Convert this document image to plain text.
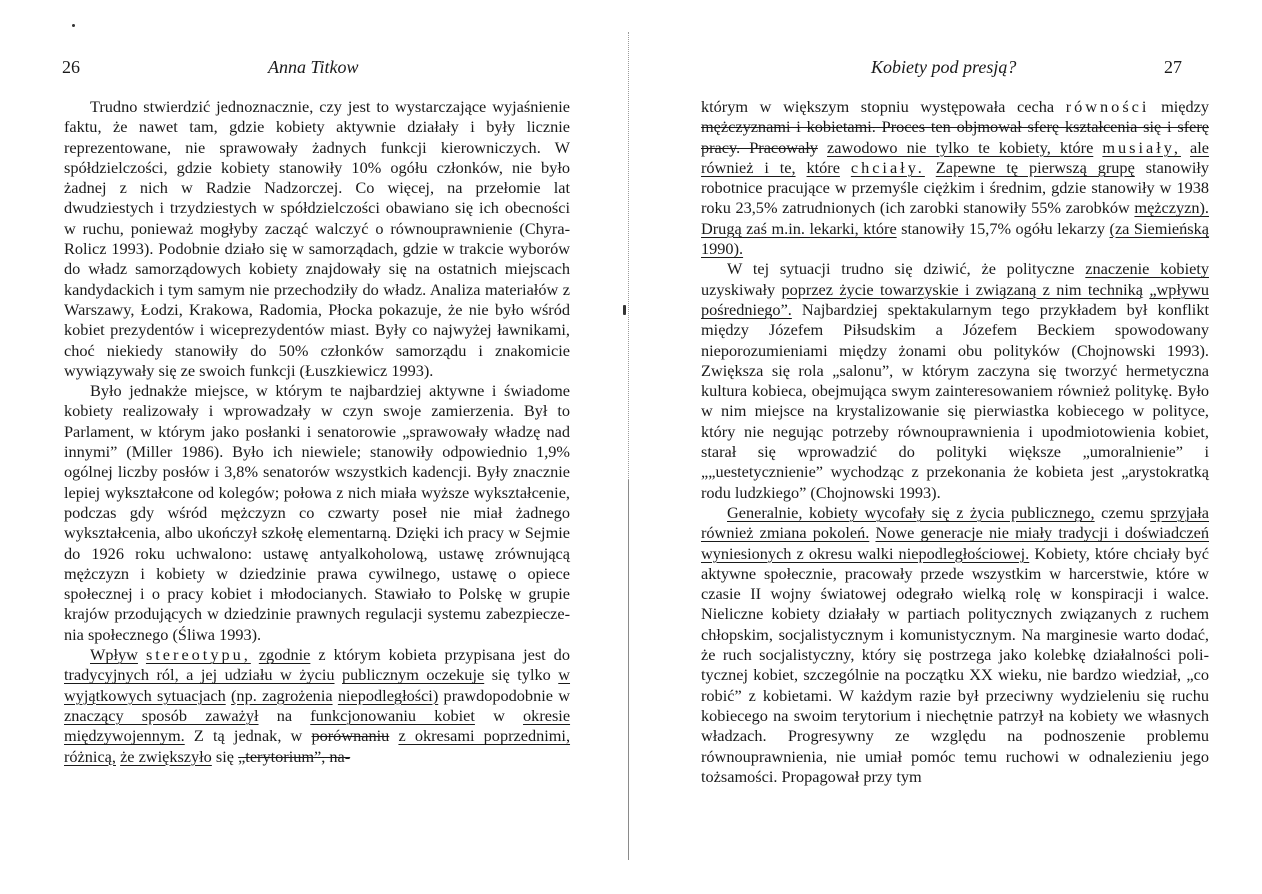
26	Anna Titkow

Trudno stwierdzić jednoznacznie, czy jest to wystarczające wyjaśnienie faktu, że nawet tam, gdzie kobiety aktywnie działały i były licznie reprezentowane, nie sprawowały żadnych funkcji kierowniczych. W spółdzielczości, gdzie kobiety stanowiły 10% ogółu członków, nie było żadnej z nich w Radzie Nadzorczej. Co więcej, na przełomie lat dwudziestych i trzydziestych w spółdzielczości obawiano się ich obecności w ruchu, ponieważ mogłyby zacząć walczyć o równouprawnienie (Chyra-Rolicz 1993). Podobnie działo się w samorządach, gdzie w trakcie wyborów do władz samorządowych kobiety znajdowały się na ostatnich miejscach kandydackich i tym samym nie przechodziły do władz. Analiza materiałów z Warszawy, Łodzi, Krakowa, Radomia, Płocka pokazuje, że nie było wśród kobiet prezydentów i wiceprezydentów miast. Były co najwyżej ławnikami, choć niekiedy stanowiły do 50% członków samorządu i znakomicie wywiązywały się ze swoich funkcji (Łuszkiewicz 1993).

Było jednakże miejsce, w którym te najbardziej aktywne i świadome kobiety realizowały i wprowadzały w czyn swoje zamierzenia. Był to Parlament, w którym jako posłanki i senatorowie „sprawowały władzę nad innymi” (Miller 1986). Było ich niewiele; stanowiły odpowiednio 1,9% ogólnej liczby posłów i 3,8% senatorów wszystkich kadencji. Były znacznie lepiej wykształcone od kolegów; połowa z nich miała wyższe wykształcenie, podczas gdy wśród mężczyzn co czwarty poseł nie miał żadnego wykształcenia, albo ukończył szkołę elementarną. Dzięki ich pracy w Sejmie do 1926 roku uchwalono: ustawę antyalkoholową, ustawę zrównującą mężczyzn i kobiety w dziedzinie prawa cywilnego, ustawę o opiece społecznej i o pracy kobiet i młodocianych. Stawiało to Polskę w grupie krajów przodujących w dziedzinie prawnych regulacji systemu zabezpieczenia społecznego (Śliwa 1993).

Wpływ stereotypu, zgodnie z którym kobieta przypisana jest do tradycyjnych ról, a jej udziału w życiu publicznym oczekuje się tylko w wyjątkowych sytuacjach (np. zagrożenia niepodległości) prawdopodobnie w znaczący sposób zaważył na funkcjonowaniu kobiet w okresie międzywojennym. Z tą jednak, w porównaniu z okresami poprzednimi, różnicą, że zwiększyło się „terytorium”, na-

Kobiety pod presją?	27

którym w większym stopniu występowała cecha równości między mężczyznami i kobietami. Proces ten objmował sferę kształcenia się i sferę pracy. Pracowały zawodowo nie tylko te kobiety, które musiały, ale również i te, które chciały. Zapewne tę pierwszą grupę stanowiły robotnice pracujące w przemyśle ciężkim i średnim, gdzie stanowiły w 1938 roku 23,5% zatrudnionych (ich zarobki stanowiły 55% zarobków mężczyzn). Drugą zaś m.in. lekarki, które stanowiły 15,7% ogółu lekarzy (za Siemieńską 1990).

W tej sytuacji trudno się dziwić, że polityczne znaczenie kobiety uzyskiwały poprzez życie towarzyskie i związaną z nim techniką „wpływu pośredniego”. Najbardziej spektakularnym tego przykładem był konflikt między Józefem Piłsudskim a Józefem Beckiem spowodowany nieporozumieniami między żonami obu polityków (Chojnowski 1993). Zwiększa się rola „salonu”, w którym zaczyna się tworzyć hermetyczna kultura kobieca, obejmująca swym zainteresowaniem również politykę. Było w nim miejsce na krystalizowanie się pierwiastka kobiecego w polityce, który nie negując potrzeby równouprawnienia i upodmiotowienia kobiet, starał się wprowadzić do polityki większe „umoralnienie” i „„uestetycznienie” wychodząc z przekonania że kobieta jest „arystokratką rodu ludzkiego” (Chojnowski 1993).

Generalnie, kobiety wycofały się z życia publicznego, czemu sprzyjała również zmiana pokoleń. Nowe generacje nie miały tradycji i doświadczeń wyniesionych z okresu walki niepodległościowej. Kobiety, które chciały być aktywne społecznie, pracowały przede wszystkim w harcerstwie, które w czasie II wojny światowej odegrało wielką rolę w konspiracji i walce. Nieliczne kobiety działały w partiach politycznych związanych z ruchem chłopskim, socjalistycznym i komunistycznym. Na marginesie warto dodać, że ruch socjalistyczny, który się postrzega jako kolebkę działalności politycznej kobiet, szczególnie na początku XX wieku, nie bardzo wiedział, „co robić” z kobietami. W każdym razie był przeciwny wydzieleniu się ruchu kobiecego na swoim terytorium i niechętnie patrzył na kobiety we własnych władzach. Progresywny ze względu na podnoszenie problemu równouprawnienia, nie umiał pomóc temu ruchowi w odnalezieniu jego tożsamości. Propagował przy tym
